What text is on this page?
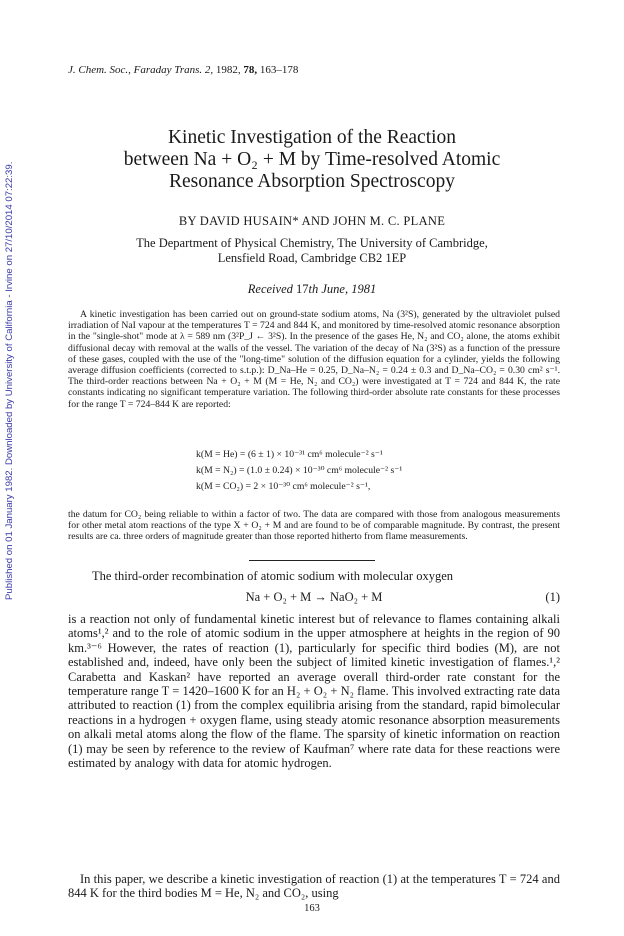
Published on 01 January 1982. Downloaded by University of California - Irvine on 27/10/2014 07:22:39.
J. Chem. Soc., Faraday Trans. 2, 1982, 78, 163–178
Kinetic Investigation of the Reaction
between Na + O₂ + M by Time-resolved Atomic
Resonance Absorption Spectroscopy
BY DAVID HUSAIN* AND JOHN M. C. PLANE
The Department of Physical Chemistry, The University of Cambridge,
Lensfield Road, Cambridge CB2 1EP
Received 17th June, 1981

A kinetic investigation has been carried out on ground-state sodium atoms, Na (3²S), generated by the ultraviolet pulsed irradiation of NaI vapour at the temperatures T = 724 and 844 K, and monitored by time-resolved atomic resonance absorption in the "single-shot" mode at λ = 589 nm (3²P_J ← 3²S). In the presence of the gases He, N₂ and CO₂ alone, the atoms exhibit diffusional decay with removal at the walls of the vessel. The variation of the decay of Na (3²S) as a function of the pressure of these gases, coupled with the use of the "long-time" solution of the diffusion equation for a cylinder, yields the following average diffusion coefficients (corrected to s.t.p.): D_Na–He = 0.25, D_Na–N₂ = 0.24 ± 0.3 and D_Na–CO₂ = 0.30 cm² s⁻¹. The third-order reactions between Na + O₂ + M (M = He, N₂ and CO₂) were investigated at T = 724 and 844 K, the rate constants indicating no significant temperature variation. The following third-order absolute rate constants for these processes for the range T = 724–844 K are reported:

k(M = He) = (6 ± 1) × 10⁻³¹ cm⁶ molecule⁻² s⁻¹
k(M = N₂) = (1.0 ± 0.24) × 10⁻³⁰ cm⁶ molecule⁻² s⁻¹
k(M = CO₂) = 2 × 10⁻³⁰ cm⁶ molecule⁻² s⁻¹,

the datum for CO₂ being reliable to within a factor of two. The data are compared with those from analogous measurements for other metal atom reactions of the type X + O₂ + M and are found to be of comparable magnitude. By contrast, the present results are ca. three orders of magnitude greater than those reported hitherto from flame measurements.

The third-order recombination of atomic sodium with molecular oxygen

Na + O₂ + M → NaO₂ + M	(1)

is a reaction not only of fundamental kinetic interest but of relevance to flames containing alkali atoms¹,² and to the role of atomic sodium in the upper atmosphere at heights in the region of 90 km.³⁻⁶ However, the rates of reaction (1), particularly for specific third bodies (M), are not established and, indeed, have only been the subject of limited kinetic investigation of flames.¹,² Carabetta and Kaskan² have reported an average overall third-order rate constant for the temperature range T = 1420–1600 K for an H₂ + O₂ + N₂ flame. This involved extracting rate data attributed to reaction (1) from the complex equilibria arising from the standard, rapid bimolecular reactions in a hydrogen + oxygen flame, using steady atomic resonance absorption measurements on alkali metal atoms along the flow of the flame. The sparsity of kinetic information on reaction (1) may be seen by reference to the review of Kaufman⁷ where rate data for these reactions were estimated by analogy with data for atomic hydrogen.

In this paper, we describe a kinetic investigation of reaction (1) at the temperatures T = 724 and 844 K for the third bodies M = He, N₂ and CO₂, using

163
